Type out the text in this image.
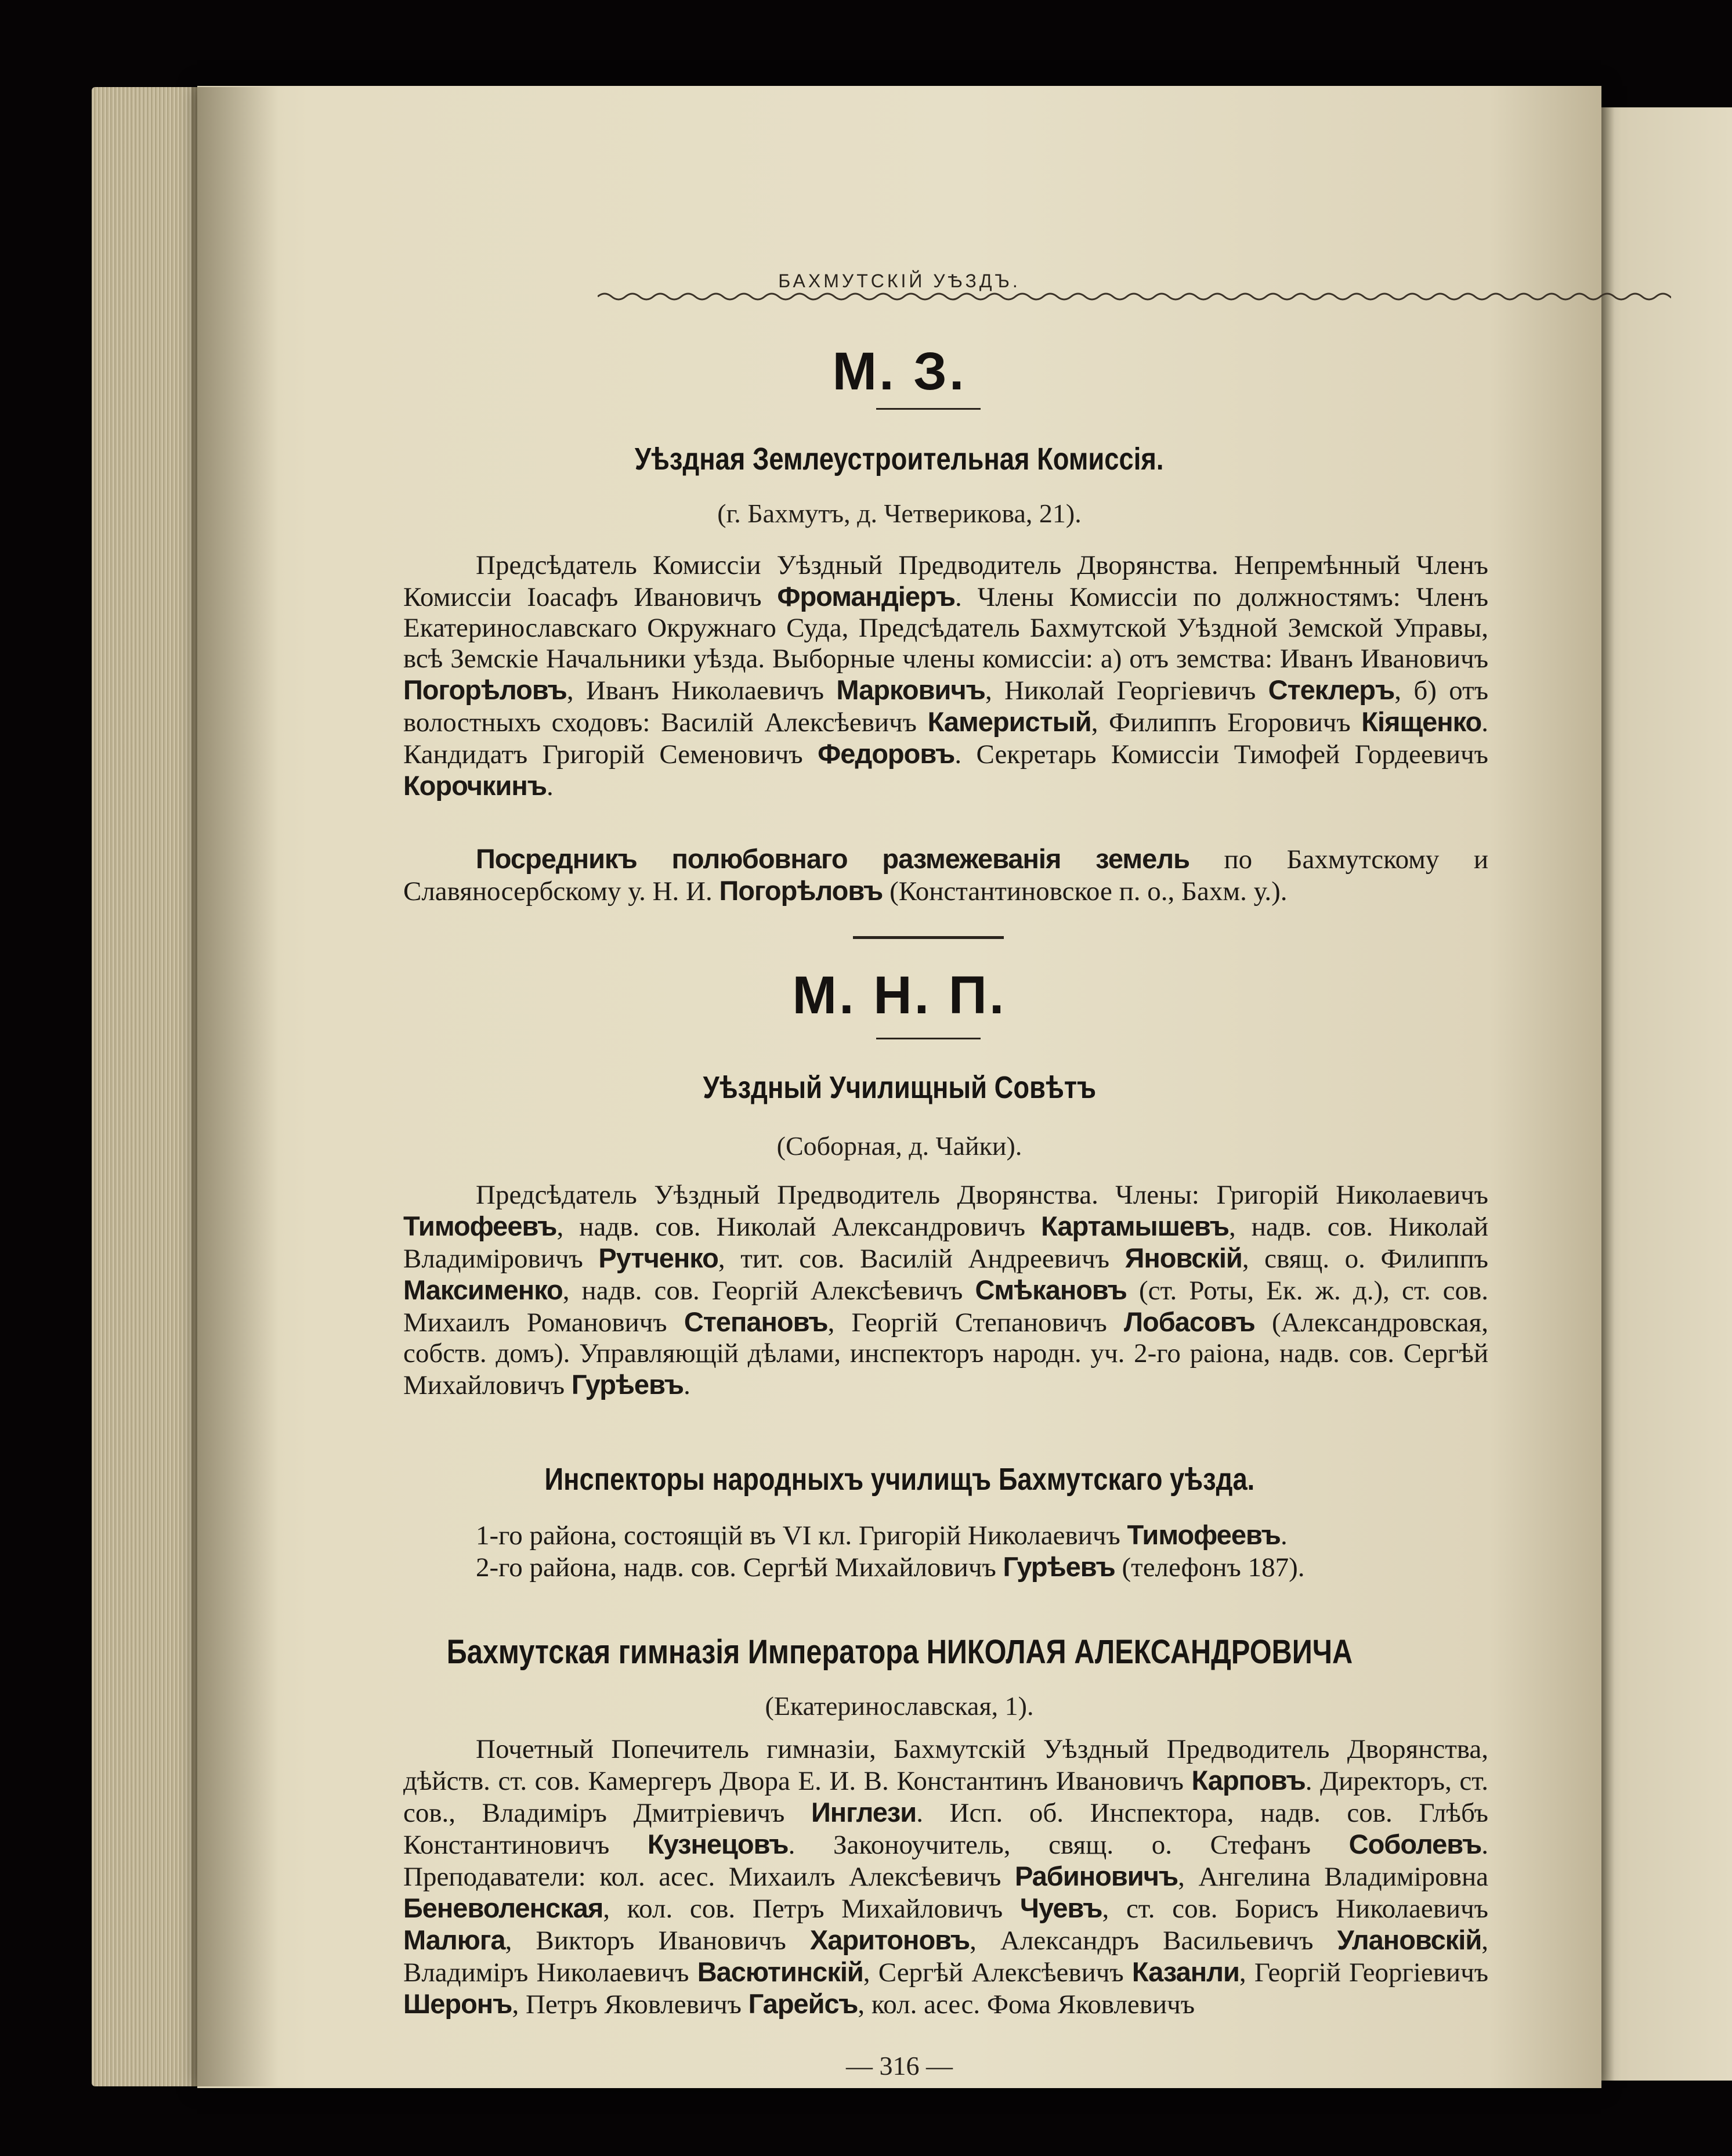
БАХМУТСКІЙ УѢЗДЪ.
М. З.
Уѣздная Землеустроительная Комиссія.
(г. Бахмутъ, д. Четверикова, 21).

Предсѣдатель Комиссіи Уѣздный Предводитель Дворянства. Непремѣнный Членъ Комиссіи Іоасафъ Ивановичъ Фромандіеръ. Члены Комиссіи по должностямъ: Членъ Екатеринославскаго Окружнаго Суда, Предсѣдатель Бахмутской Уѣздной Земской Управы, всѣ Земскіе Начальники уѣзда. Выборные члены комиссіи: а) отъ земства: Иванъ Ивановичъ Погорѣловъ, Иванъ Николаевичъ Марковичъ, Николай Георгіевичъ Стеклеръ, б) отъ волостныхъ сходовъ: Василій Алексѣевичъ Камеристый, Филиппъ Егоровичъ Кіященко. Кандидатъ Григорій Семеновичъ Федоровъ. Секретарь Комиссіи Тимофей Гордеевичъ Корочкинъ.

Посредникъ полюбовнаго размежеванія земель по Бахмутскому и Славяносербскому у. Н. И. Погорѣловъ (Константиновское п. о., Бахм. у.).

М. Н. П.
Уѣздный Училищный Совѣтъ
(Соборная, д. Чайки).

Предсѣдатель Уѣздный Предводитель Дворянства. Члены: Григорій Николаевичъ Тимофеевъ, надв. сов. Николай Александровичъ Картамышевъ, надв. сов. Николай Владиміровичъ Рутченко, тит. сов. Василій Андреевичъ Яновскій, свящ. о. Филиппъ Максименко, надв. сов. Георгій Алексѣевичъ Смѣкановъ (ст. Роты, Ек. ж. д.), ст. сов. Михаилъ Романовичъ Степановъ, Георгій Степановичъ Лобасовъ (Александровская, собств. домъ). Управляющій дѣлами, инспекторъ народн. уч. 2-го раіона, надв. сов. Сергѣй Михайловичъ Гурѣевъ.

Инспекторы народныхъ училищъ Бахмутскаго уѣзда.

1-го района, состоящій въ VI кл. Григорій Николаевичъ Тимофеевъ.

2-го района, надв. сов. Сергѣй Михайловичъ Гурѣевъ (телефонъ 187).

Бахмутская гимназія Императора НИКОЛАЯ АЛЕКСАНДРОВИЧА
(Екатеринославская, 1).

Почетный Попечитель гимназіи, Бахмутскій Уѣздный Предводитель Дворянства, дѣйств. ст. сов. Камергеръ Двора Е. И. В. Константинъ Ивановичъ Карповъ. Директоръ, ст. сов., Владиміръ Дмитріевичъ Инглези. Исп. об. Инспектора, надв. сов. Глѣбъ Константиновичъ Кузнецовъ. Законоучитель, свящ. о. Стефанъ Соболевъ. Преподаватели: кол. асес. Михаилъ Алексѣевичъ Рабиновичъ, Ангелина Владиміровна Беневоленская, кол. сов. Петръ Михайловичъ Чуевъ, ст. сов. Борисъ Николаевичъ Малюга, Викторъ Ивановичъ Харитоновъ, Александръ Васильевичъ Улановскій, Владиміръ Николаевичъ Васютинскій, Сергѣй Алексѣевичъ Казанли, Георгій Георгіевичъ Шеронъ, Петръ Яковлевичъ Гарейсъ, кол. асес. Фома Яковлевичъ

— 316 —
